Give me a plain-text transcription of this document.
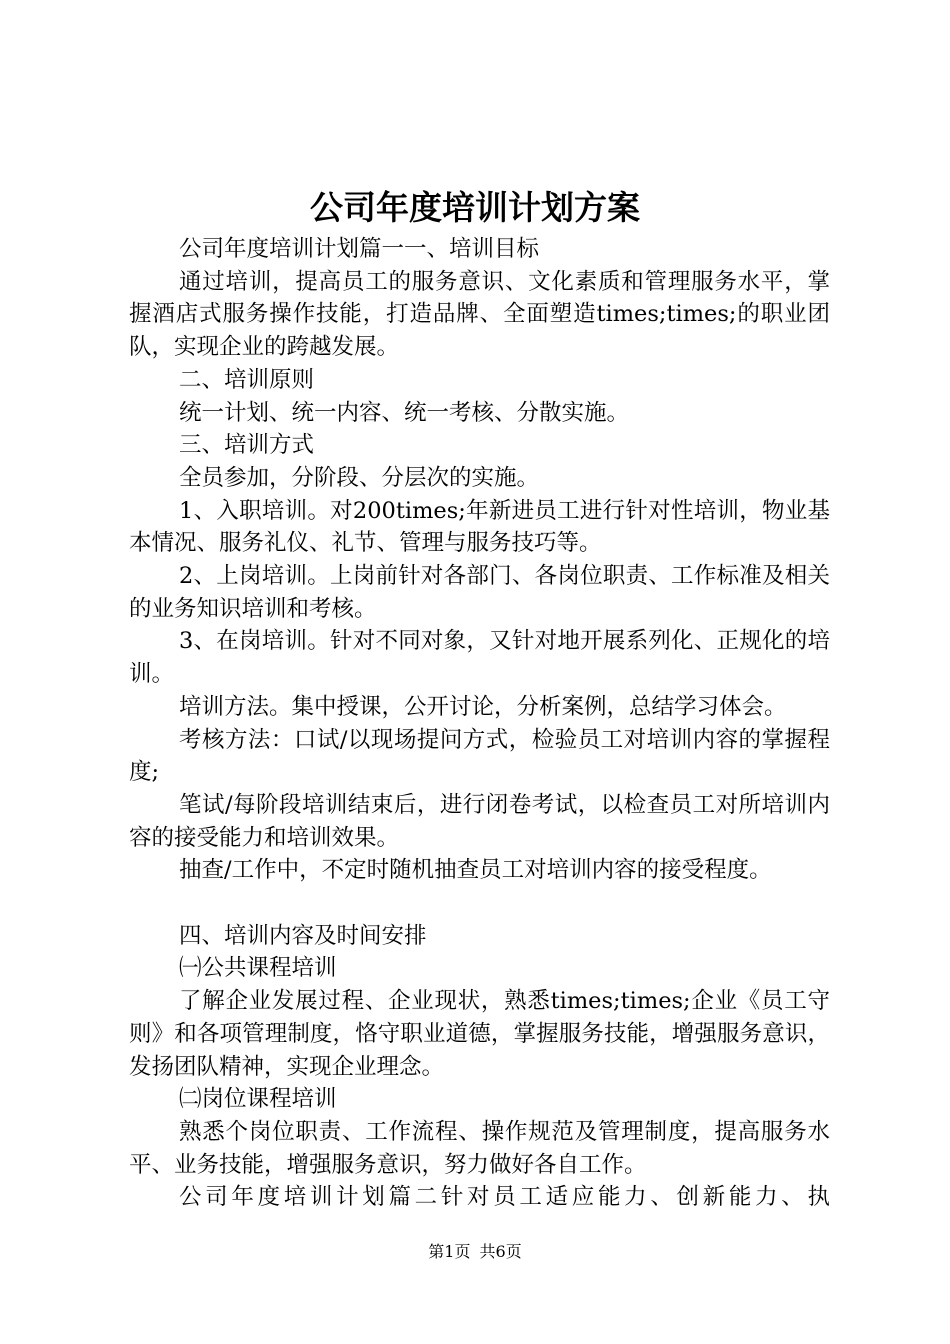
公司年度培训计划方案

公司年度培训计划篇一一、培训目标

通过培训，提高员工的服务意识、文化素质和管理服务水平，掌握酒店式服务操作技能，打造品牌、全面塑造times;times;的职业团队，实现企业的跨越发展。

二、培训原则

统一计划、统一内容、统一考核、分散实施。

三、培训方式

全员参加，分阶段、分层次的实施。

1、入职培训。对200times;年新进员工进行针对性培训，物业基本情况、服务礼仪、礼节、管理与服务技巧等。

2、上岗培训。上岗前针对各部门、各岗位职责、工作标准及相关的业务知识培训和考核。

3、在岗培训。针对不同对象，又针对地开展系列化、正规化的培训。

培训方法。集中授课，公开讨论，分析案例，总结学习体会。

考核方法：口试/以现场提问方式，检验员工对培训内容的掌握程度;

笔试/每阶段培训结束后，进行闭卷考试，以检查员工对所培训内容的接受能力和培训效果。

抽查/工作中，不定时随机抽查员工对培训内容的接受程度。

四、培训内容及时间安排

㈠公共课程培训

了解企业发展过程、企业现状，熟悉times;times;企业《员工守则》和各项管理制度，恪守职业道德，掌握服务技能，增强服务意识，发扬团队精神，实现企业理念。

㈡岗位课程培训

熟悉个岗位职责、工作流程、操作规范及管理制度，提高服务水平、业务技能，增强服务意识，努力做好各自工作。

公司年度培训计划篇二针对员工适应能力、创新能力、执

第1页 共6页
